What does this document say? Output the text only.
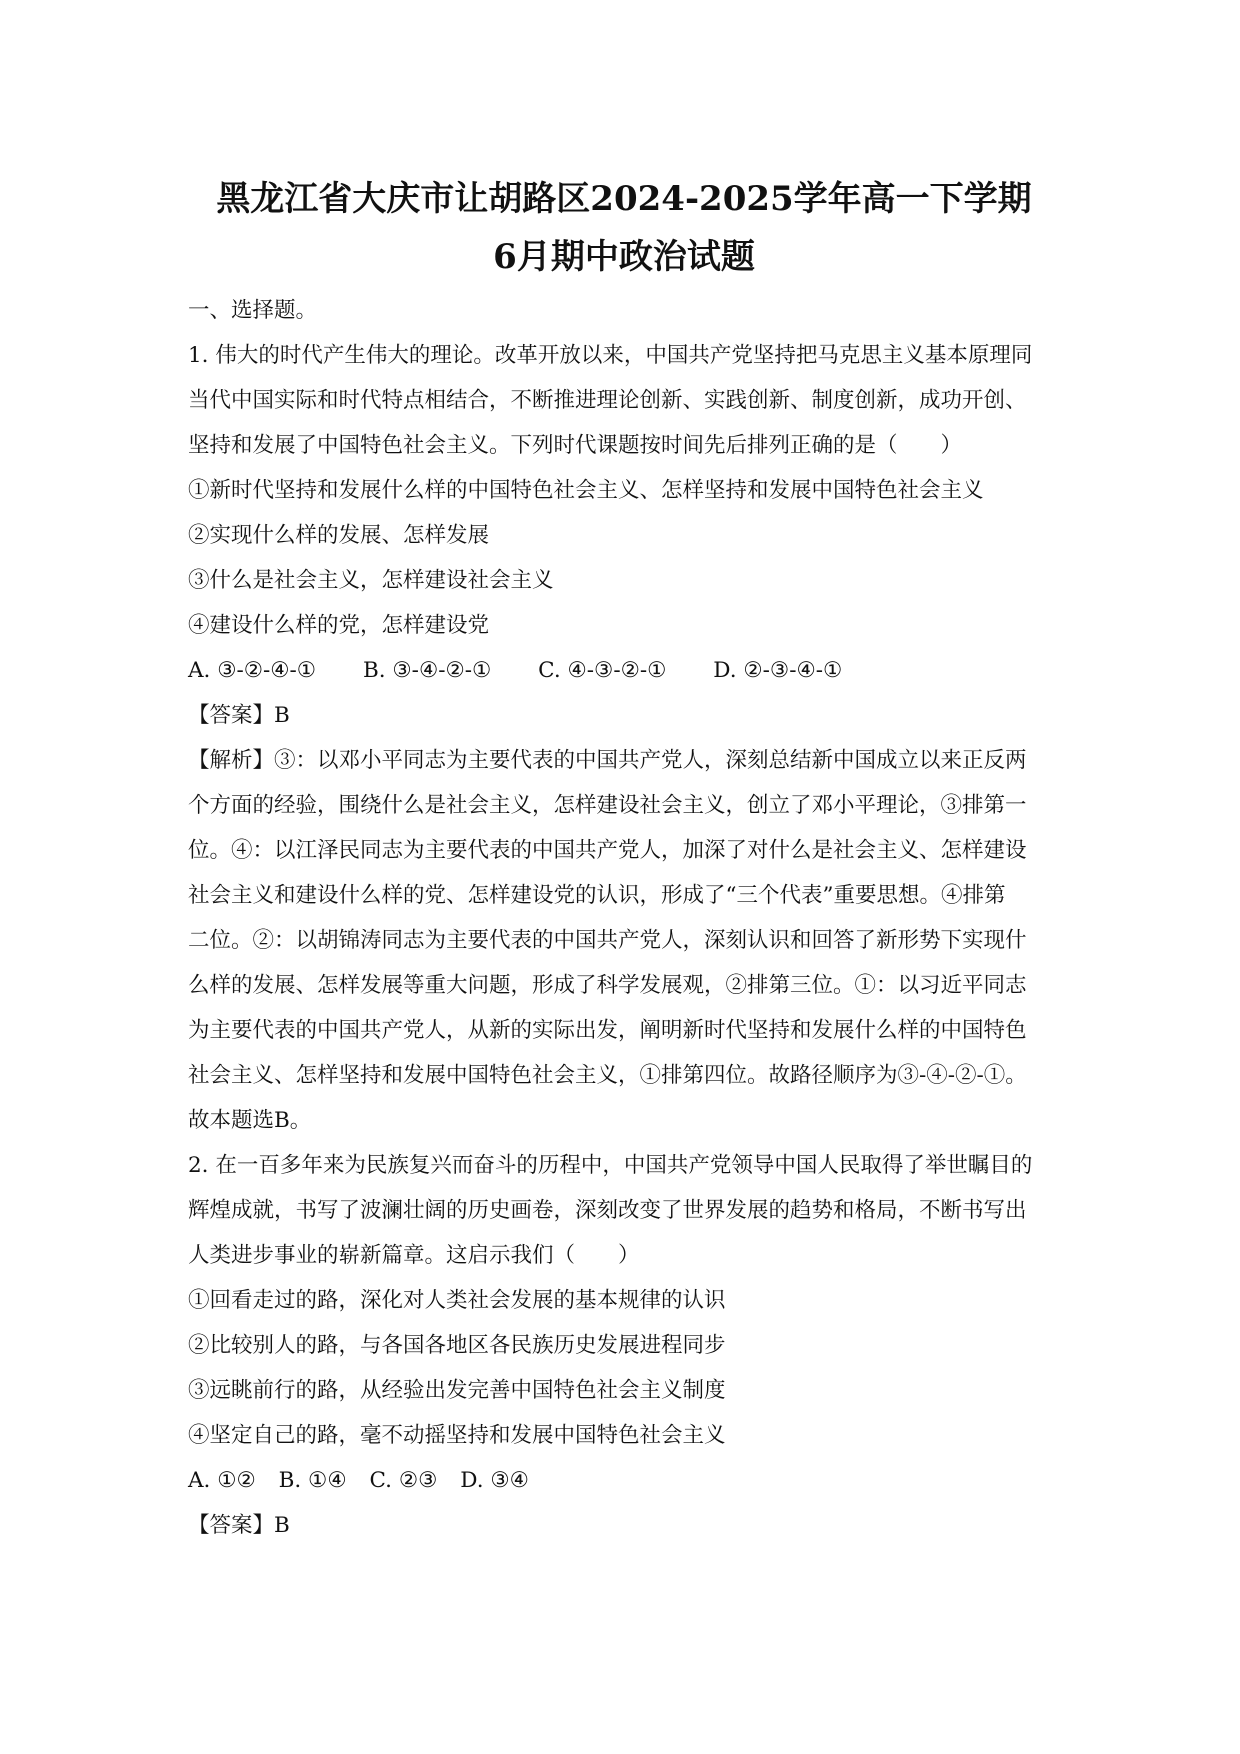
黑龙江省大庆市让胡路区2024-2025学年高一下学期
6月期中政治试题
一、选择题。
1. 伟大的时代产生伟大的理论。改革开放以来，中国共产党坚持把马克思主义基本原理同
当代中国实际和时代特点相结合，不断推进理论创新、实践创新、制度创新，成功开创、
坚持和发展了中国特色社会主义。下列时代课题按时间先后排列正确的是（　　）
①新时代坚持和发展什么样的中国特色社会主义、怎样坚持和发展中国特色社会主义
②实现什么样的发展、怎样发展
③什么是社会主义，怎样建设社会主义
④建设什么样的党，怎样建设党
A. ③-②-④-① B. ③-④-②-① C. ④-③-②-① D. ②-③-④-①
【答案】B
【解析】③：以邓小平同志为主要代表的中国共产党人，深刻总结新中国成立以来正反两
个方面的经验，围绕什么是社会主义，怎样建设社会主义，创立了邓小平理论，③排第一
位。④：以江泽民同志为主要代表的中国共产党人，加深了对什么是社会主义、怎样建设
社会主义和建设什么样的党、怎样建设党的认识，形成了“三个代表”重要思想。④排第
二位。②：以胡锦涛同志为主要代表的中国共产党人，深刻认识和回答了新形势下实现什
么样的发展、怎样发展等重大问题，形成了科学发展观，②排第三位。①：以习近平同志
为主要代表的中国共产党人，从新的实际出发，阐明新时代坚持和发展什么样的中国特色
社会主义、怎样坚持和发展中国特色社会主义，①排第四位。故路径顺序为③-④-②-①。
故本题选B。
2. 在一百多年来为民族复兴而奋斗的历程中，中国共产党领导中国人民取得了举世瞩目的
辉煌成就，书写了波澜壮阔的历史画卷，深刻改变了世界发展的趋势和格局，不断书写出
人类进步事业的崭新篇章。这启示我们（　　）
①回看走过的路，深化对人类社会发展的基本规律的认识
②比较别人的路，与各国各地区各民族历史发展进程同步
③远眺前行的路，从经验出发完善中国特色社会主义制度
④坚定自己的路，毫不动摇坚持和发展中国特色社会主义
A. ①② B. ①④ C. ②③ D. ③④
【答案】B
